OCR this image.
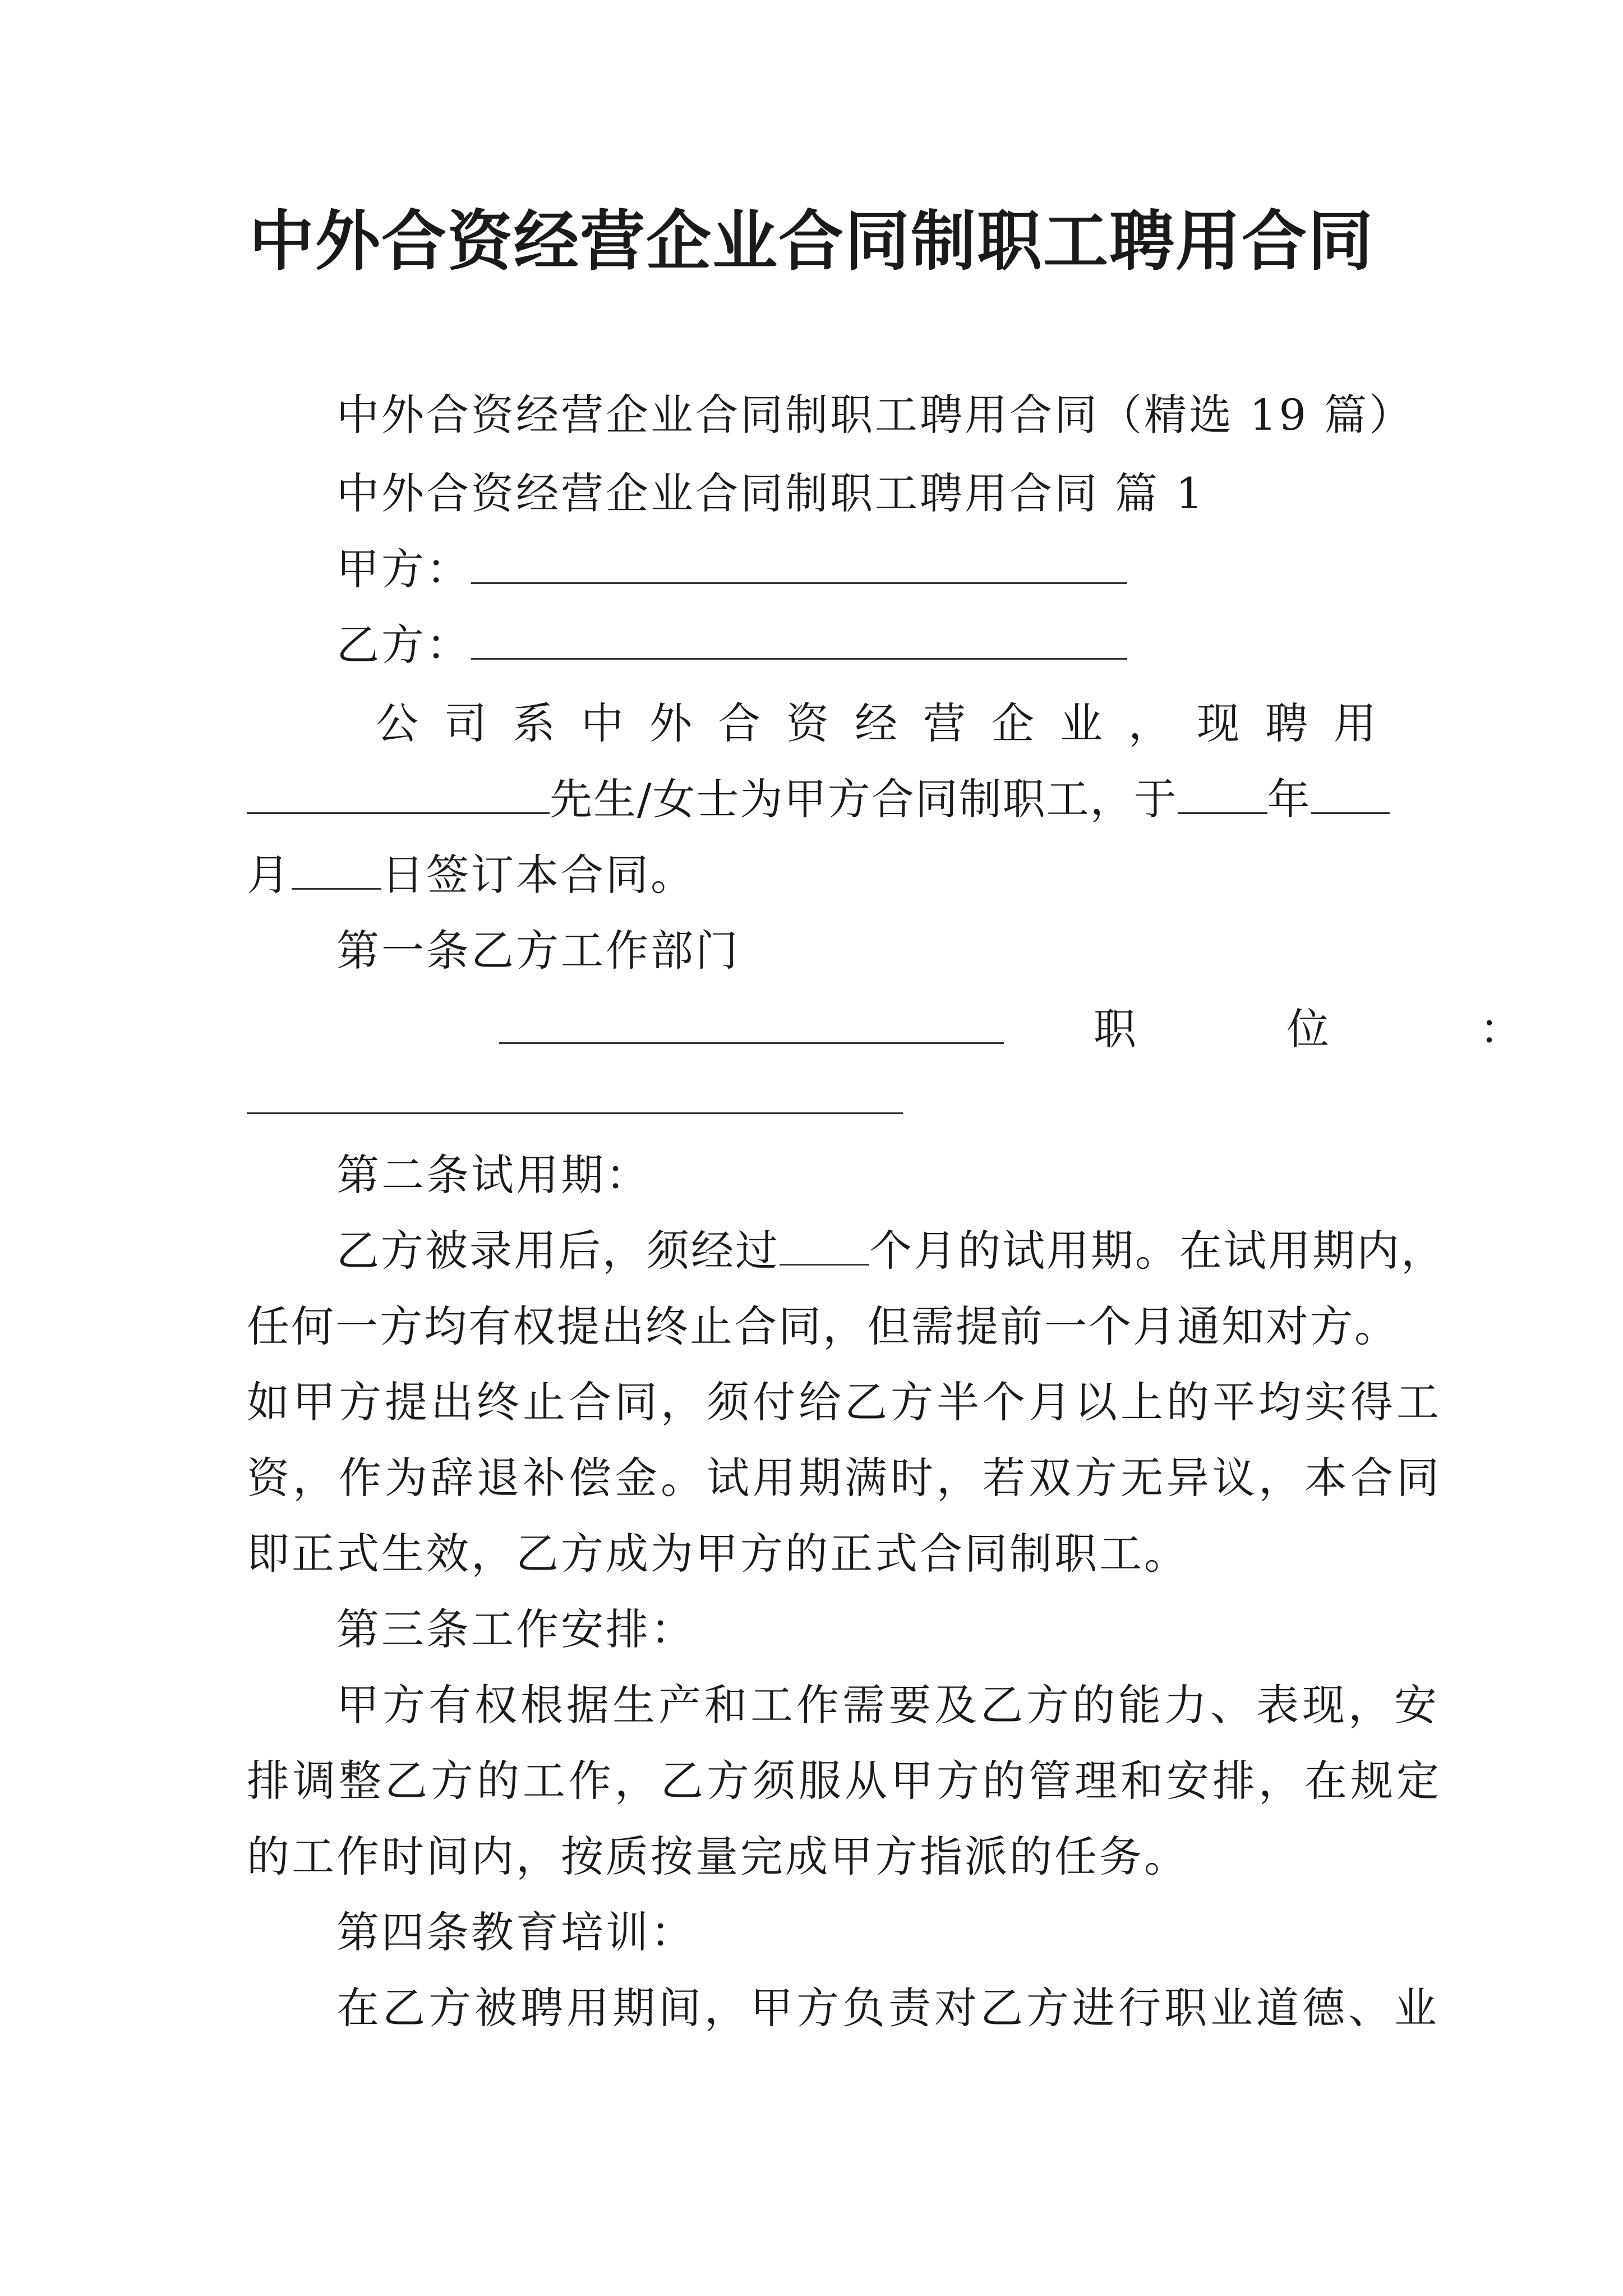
中外合资经营企业合同制职工聘用合同
中外合资经营企业合同制职工聘用合同（精选 19 篇）
中外合资经营企业合同制职工聘用合同 篇 1
甲方：
乙方：
公司系中外合资经营企业，现聘用
先生/女士为甲方合同制职工，于 年
月 日签订本合同。
第一条乙方工作部门
职　　　位　　　：
第二条试用期：
乙方被录用后，须经过 个月的试用期。在试用期内，
任何一方均有权提出终止合同，但需提前一个月通知对方。
如甲方提出终止合同，须付给乙方半个月以上的平均实得工
资，作为辞退补偿金。试用期满时，若双方无异议，本合同
即正式生效，乙方成为甲方的正式合同制职工。
第三条工作安排：
甲方有权根据生产和工作需要及乙方的能力、表现，安
排调整乙方的工作，乙方须服从甲方的管理和安排，在规定
的工作时间内，按质按量完成甲方指派的任务。
第四条教育培训：
在乙方被聘用期间，甲方负责对乙方进行职业道德、业
